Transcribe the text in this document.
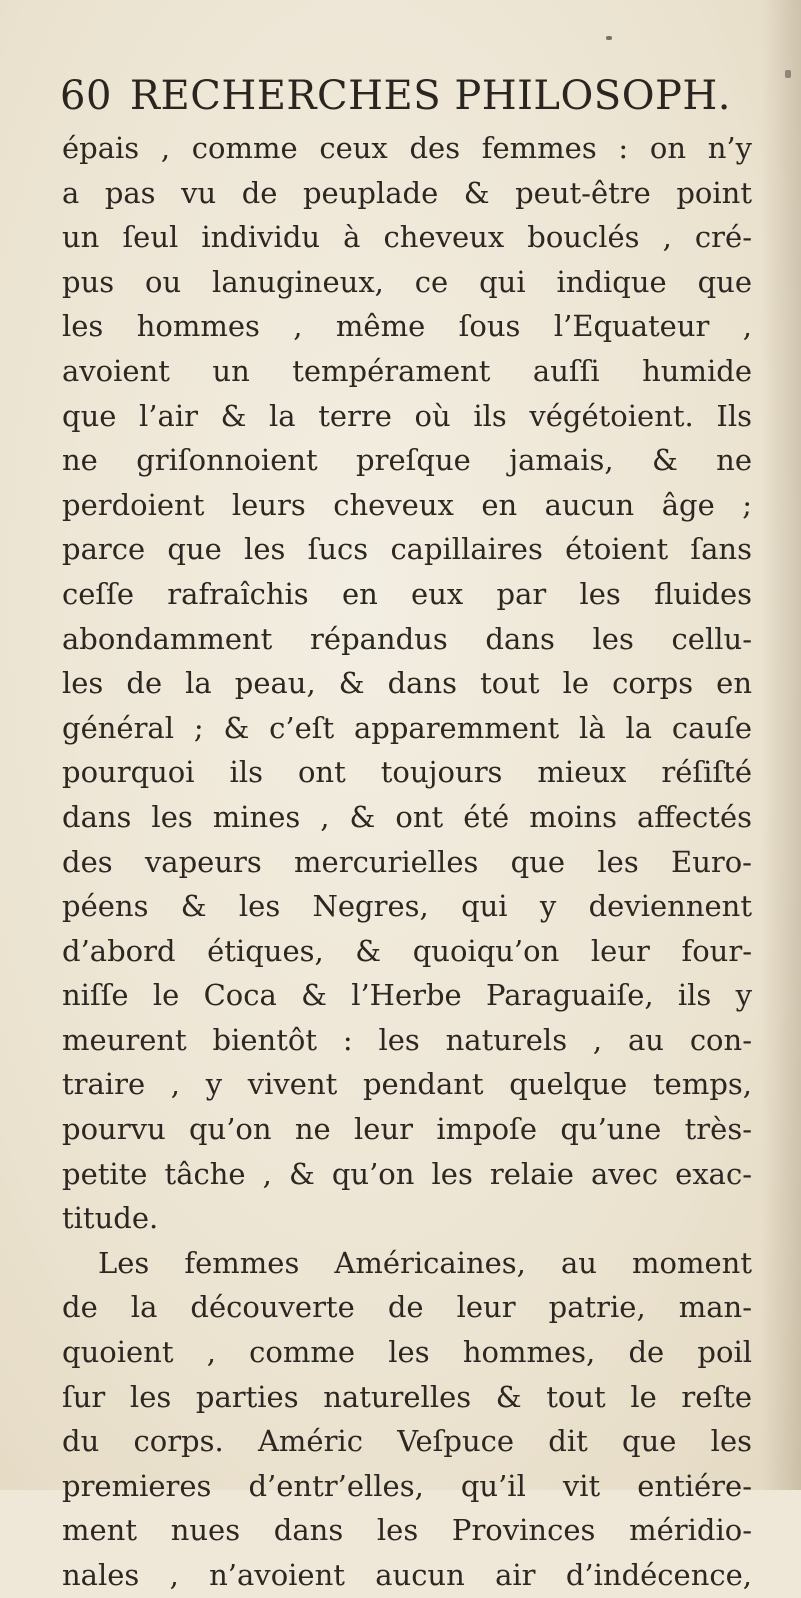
60 RECHERCHES PHILOSOPH.
épais , comme ceux des femmes : on n’y
a pas vu de peuplade & peut-être point
un ſeul individu à cheveux bouclés , cré-
pus ou lanugineux, ce qui indique que
les hommes , même ſous l’Equateur ,
avoient un tempérament auſſi humide
que l’air & la terre où ils végétoient. Ils
ne griſonnoient preſque jamais, & ne
perdoient leurs cheveux en aucun âge ;
parce que les ſucs capillaires étoient ſans
ceſſe rafraîchis en eux par les fluides
abondamment répandus dans les cellu-
les de la peau, & dans tout le corps en
général ; & c’eſt apparemment là la cauſe
pourquoi ils ont toujours mieux réſiſté
dans les mines , & ont été moins affectés
des vapeurs mercurielles que les Euro-
péens & les Negres, qui y deviennent
d’abord étiques, & quoiqu’on leur four-
niſſe le Coca & l’Herbe Paraguaiſe, ils y
meurent bientôt : les naturels , au con-
traire , y vivent pendant quelque temps,
pourvu qu’on ne leur impoſe qu’une très-
petite tâche , & qu’on les relaie avec exac-
titude.
Les femmes Américaines, au moment
de la découverte de leur patrie, man-
quoient , comme les hommes, de poil
ſur les parties naturelles & tout le reſte
du corps. Améric Veſpuce dit que les
premieres d’entr’elles, qu’il vit entiére-
ment nues dans les Provinces méridio-
nales , n’avoient aucun air d’indécence,
